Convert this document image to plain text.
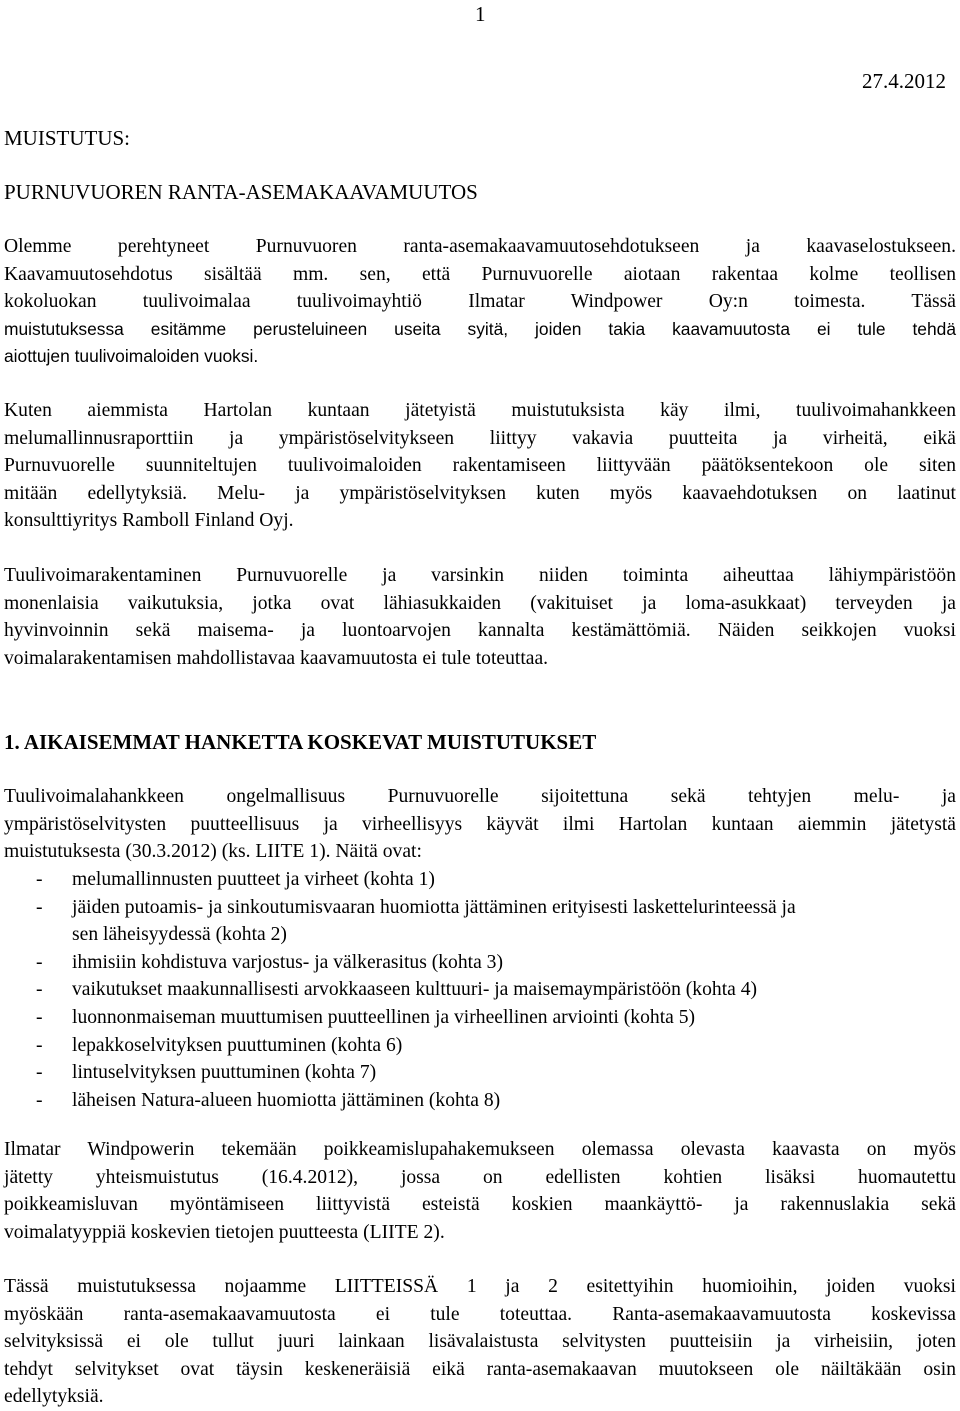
1
27.4.2012
MUISTUTUS:
PURNUVUOREN RANTA-ASEMAKAAVAMUUTOS
Olemme perehtyneet Purnuvuoren ranta-asemakaavamuutosehdotukseen ja kaavaselostukseen.
Kaavamuutosehdotus sisältää mm. sen, että Purnuvuorelle aiotaan rakentaa kolme teollisen
kokoluokan tuulivoimalaa tuulivoimayhtiö Ilmatar Windpower Oy:n toimesta. Tässä
muistutuksessa esitämme perusteluineen useita syitä, joiden takia kaavamuutosta ei tule tehdä
aiottujen tuulivoimaloiden vuoksi.
Kuten aiemmista Hartolan kuntaan jätetyistä muistutuksista käy ilmi, tuulivoimahankkeen
melumallinnusraporttiin ja ympäristöselvitykseen liittyy vakavia puutteita ja virheitä, eikä
Purnuvuorelle suunniteltujen tuulivoimaloiden rakentamiseen liittyvään päätöksentekoon ole siten
mitään edellytyksiä. Melu- ja ympäristöselvityksen kuten myös kaavaehdotuksen on laatinut
konsulttiyritys Ramboll Finland Oyj.
Tuulivoimarakentaminen Purnuvuorelle ja varsinkin niiden toiminta aiheuttaa lähiympäristöön
monenlaisia vaikutuksia, jotka ovat lähiasukkaiden (vakituiset ja loma-asukkaat) terveyden ja
hyvinvoinnin sekä maisema- ja luontoarvojen kannalta kestämättömiä. Näiden seikkojen vuoksi
voimalarakentamisen mahdollistavaa kaavamuutosta ei tule toteuttaa.
1. AIKAISEMMAT HANKETTA KOSKEVAT MUISTUTUKSET
Tuulivoimalahankkeen ongelmallisuus Purnuvuorelle sijoitettuna sekä tehtyjen melu- ja
ympäristöselvitysten puutteellisuus ja virheellisyys käyvät ilmi Hartolan kuntaan aiemmin jätetystä
muistutuksesta (30.3.2012) (ks. LIITE 1). Näitä ovat:
- melumallinnusten puutteet ja virheet (kohta 1)
- jäiden putoamis- ja sinkoutumisvaaran huomiotta jättäminen erityisesti laskettelurinteessä ja
sen läheisyydessä (kohta 2)
- ihmisiin kohdistuva varjostus- ja välkerasitus (kohta 3)
- vaikutukset maakunnallisesti arvokkaaseen kulttuuri- ja maisemaympäristöön (kohta 4)
- luonnonmaiseman muuttumisen puutteellinen ja virheellinen arviointi (kohta 5)
- lepakkoselvityksen puuttuminen (kohta 6)
- lintuselvityksen puuttuminen (kohta 7)
- läheisen Natura-alueen huomiotta jättäminen (kohta 8)
Ilmatar Windpowerin tekemään poikkeamislupahakemukseen olemassa olevasta kaavasta on myös
jätetty yhteismuistutus (16.4.2012), jossa on edellisten kohtien lisäksi huomautettu
poikkeamisluvan myöntämiseen liittyvistä esteistä koskien maankäyttö- ja rakennuslakia sekä
voimalatyyppiä koskevien tietojen puutteesta (LIITE 2).
Tässä muistutuksessa nojaamme LIITTEISSÄ 1 ja 2 esitettyihin huomioihin, joiden vuoksi
myöskään ranta-asemakaavamuutosta ei tule toteuttaa. Ranta-asemakaavamuutosta koskevissa
selvityksissä ei ole tullut juuri lainkaan lisävalaistusta selvitysten puutteisiin ja virheisiin, joten
tehdyt selvitykset ovat täysin keskeneräisiä eikä ranta-asemakaavan muutokseen ole näiltäkään osin
edellytyksiä.
